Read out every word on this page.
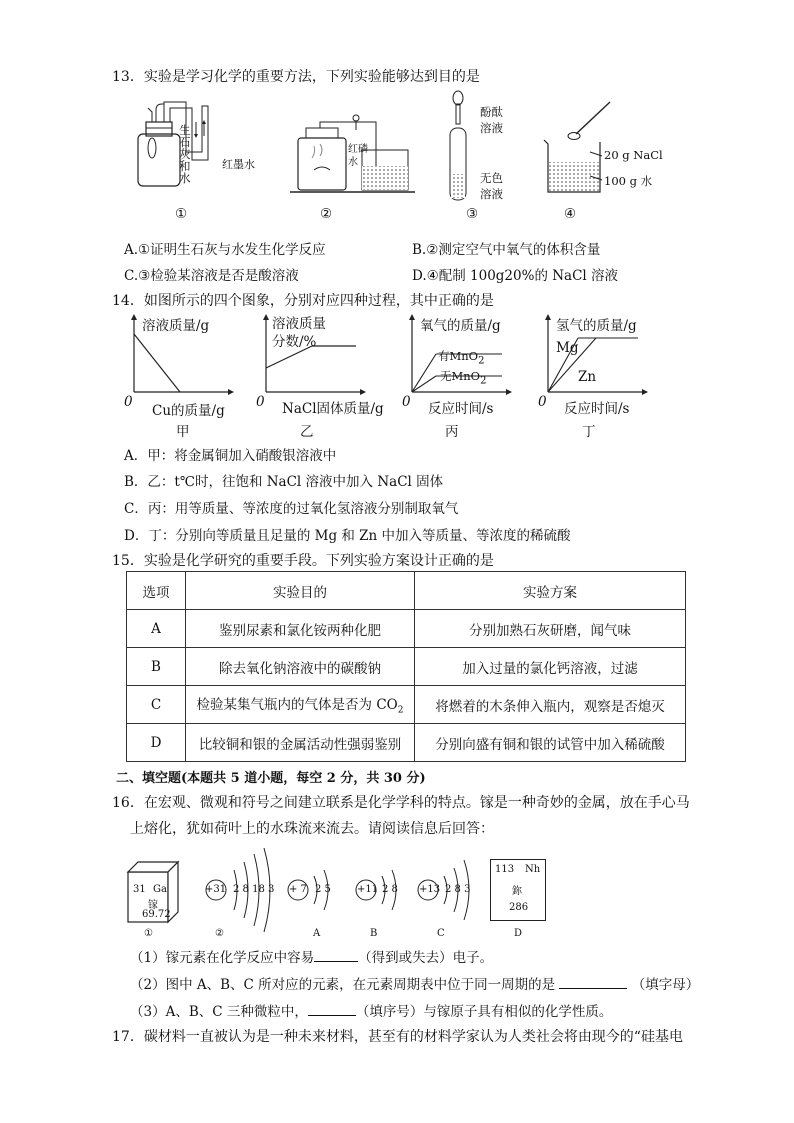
13．实验是学习化学的重要方法，下列实验能够达到目的是
红墨水
生石灰和水
①
红磷
水
②
酚酞
溶液
无色
溶液
③
20 g NaCl
100 g 水
④
A.①证明生石灰与水发生化学反应	B.②测定空气中氧气的体积含量
C.③检验某溶液是否是酸溶液	D.④配制 100g20%的 NaCl 溶液
14．如图所示的四个图象，分别对应四种过程，其中正确的是
溶液质量/g
Cu的质量/g
0
甲
溶液质量
分数/%
NaCl固体质量/g
0
乙
氧气的质量/g
有MnO$_2$
无MnO$_2$
反应时间/s
0
丙
氢气的质量/g
Mg
Zn
反应时间/s
0
丁
A．甲：将金属铜加入硝酸银溶液中
B．乙：t℃时，往饱和 NaCl 溶液中加入 NaCl 固体
C．丙：用等质量、等浓度的过氧化氢溶液分别制取氧气
D．丁：分别向等质量且足量的 Mg 和 Zn 中加入等质量、等浓度的稀硫酸
15．实验是化学研究的重要手段。下列实验方案设计正确的是
选项	实验目的	实验方案
A	鉴别尿素和氯化铵两种化肥	分别加熟石灰研磨，闻气味
B	除去氧化钠溶液中的碳酸钠	加入过量的氯化钙溶液，过滤
C	检验某集气瓶内的气体是否为 $CO_2$	将燃着的木条伸入瓶内，观察是否熄灭
D	比较铜和银的金属活动性强弱鉴别	分别向盛有铜和银的试管中加入稀硫酸
二、填空题(本题共 5 道小题，每空 2 分，共 30 分)
16．在宏观、微观和符号之间建立联系是化学学科的特点。镓是一种奇妙的金属，放在手心马
上熔化，犹如荷叶上的水珠流来流去。请阅读信息后回答：
31 Ga
镓
69.72
①
+31 2 8 18 3
②
+ 7 2 5
A
+11 2 8
B
+13 2 8 3
C
113 Nh
鉨
286
D
（1）镓元素在化学反应中容易	（得到或失去）电子。
（2）图中 A、B、C 所对应的元素，在元素周期表中位于同一周期的是	（填字母）
（3）A、B、C 三种微粒中，	（填序号）与镓原子具有相似的化学性质。
17．碳材料一直被认为是一种未来材料，甚至有的材料学家认为人类社会将由现今的“硅基电
